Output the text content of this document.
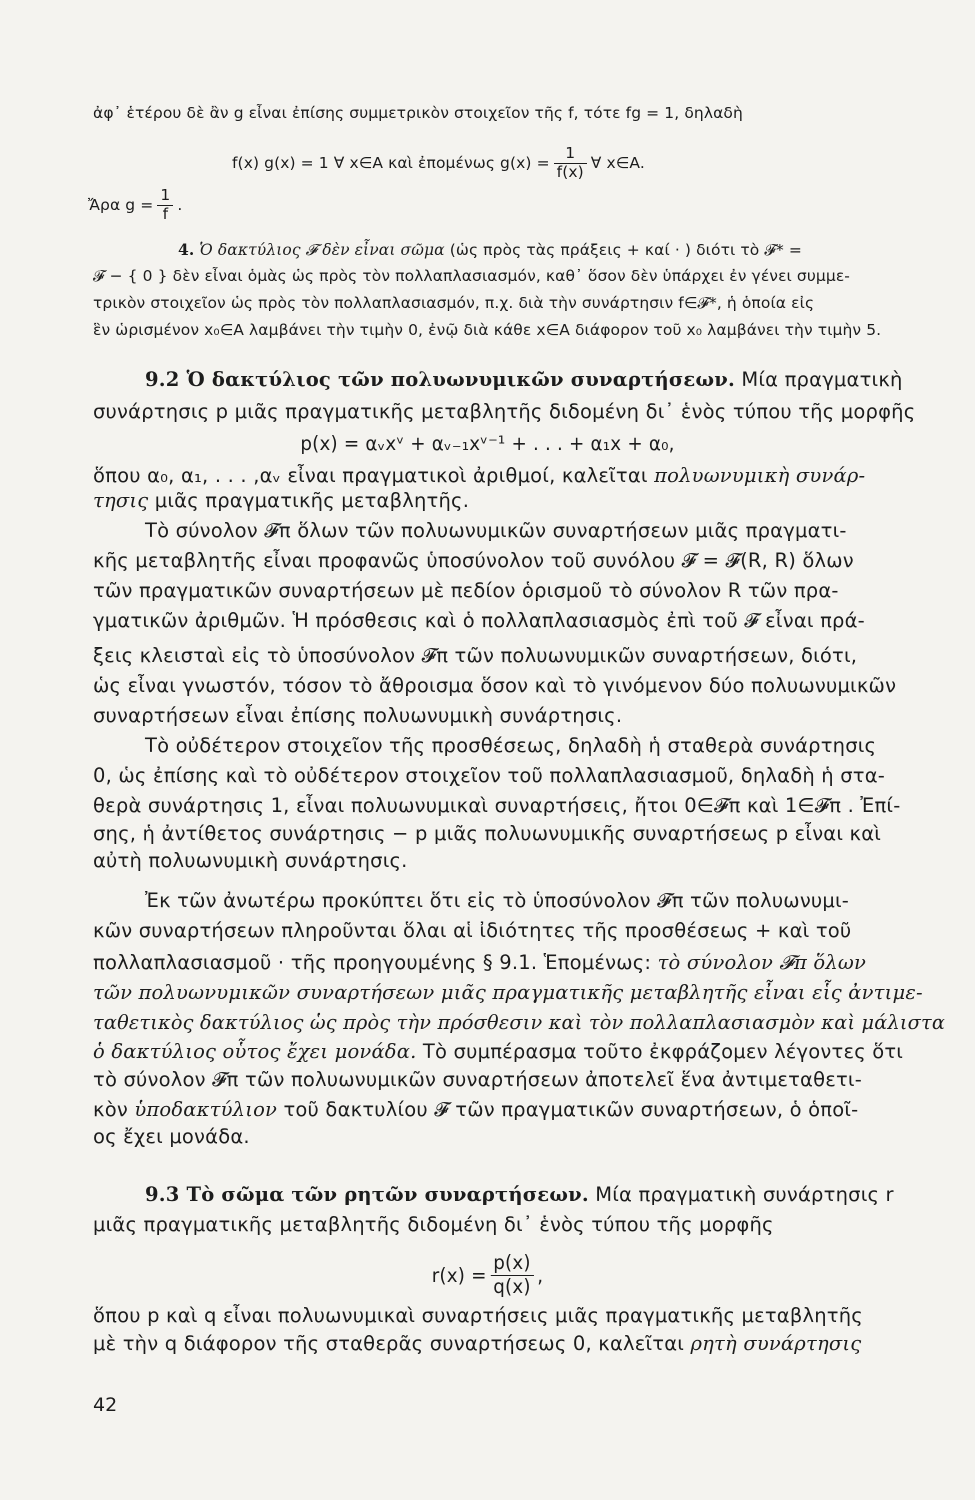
ἀφ᾽ ἑτέρου δὲ ἂν g εἶναι ἐπίσης συμμετρικὸν στοιχεῖον τῆς f, τότε fg = 1, δηλαδὴ
f(x) g(x) = 1 ∀ x∈A καὶ ἐπομένως $g(x) = \frac{1}{f(x)}$ ∀ x∈A.
Ἄρα $g = \frac{1}{f}$ .
4. Ὁ δακτύλιος 𝓕 δὲν εἶναι σῶμα (ὡς πρὸς τὰς πράξεις + καί · ) διότι τὸ 𝓕* =
𝓕 − { 0 } δὲν εἶναι ὁμὰς ὡς πρὸς τὸν πολλαπλασιασμόν, καθ᾽ ὅσον δὲν ὑπάρχει ἐν γένει συμμε-
τρικὸν στοιχεῖον ὡς πρὸς τὸν πολλαπλασιασμόν, π.χ. διὰ τὴν συνάρτησιν f∈𝓕*, ἡ ὁποία εἰς
ἓν ὡρισμένον x₀∈A λαμβάνει τὴν τιμὴν 0, ἐνῷ διὰ κάθε x∈A διάφορον τοῦ x₀ λαμβάνει τὴν τιμὴν 5.
9.2 Ὁ δακτύλιος τῶν πολυωνυμικῶν συναρτήσεων. Μία πραγματικὴ
συνάρτησις p μιᾶς πραγματικῆς μεταβλητῆς διδομένη δι᾽ ἑνὸς τύπου τῆς μορφῆς
p(x) = αᵥxᵛ + αᵥ₋₁xᵛ⁻¹ + . . . + α₁x + α₀,
ὅπου α₀, α₁, . . . ,αᵥ εἶναι πραγματικοὶ ἀριθμοί, καλεῖται πολυωνυμικὴ συνάρ-
τησις μιᾶς πραγματικῆς μεταβλητῆς.
Τὸ σύνολον 𝓕π ὅλων τῶν πολυωνυμικῶν συναρτήσεων μιᾶς πραγματι-
κῆς μεταβλητῆς εἶναι προφανῶς ὑποσύνολον τοῦ συνόλου 𝓕 = 𝓕(R, R) ὅλων
τῶν πραγματικῶν συναρτήσεων μὲ πεδίον ὁρισμοῦ τὸ σύνολον R τῶν πρα-
γματικῶν ἀριθμῶν. Ἡ πρόσθεσις καὶ ὁ πολλαπλασιασμὸς ἐπὶ τοῦ 𝓕 εἶναι πρά-
ξεις κλεισταὶ εἰς τὸ ὑποσύνολον 𝓕π τῶν πολυωνυμικῶν συναρτήσεων, διότι,
ὡς εἶναι γνωστόν, τόσον τὸ ἄθροισμα ὅσον καὶ τὸ γινόμενον δύο πολυωνυμικῶν
συναρτήσεων εἶναι ἐπίσης πολυωνυμικὴ συνάρτησις.
Τὸ οὐδέτερον στοιχεῖον τῆς προσθέσεως, δηλαδὴ ἡ σταθερὰ συνάρτησις
0, ὡς ἐπίσης καὶ τὸ οὐδέτερον στοιχεῖον τοῦ πολλαπλασιασμοῦ, δηλαδὴ ἡ στα-
θερὰ συνάρτησις 1, εἶναι πολυωνυμικαὶ συναρτήσεις, ἤτοι 0∈𝓕π καὶ 1∈𝓕π . Ἐπί-
σης, ἡ ἀντίθετος συνάρτησις − p μιᾶς πολυωνυμικῆς συναρτήσεως p εἶναι καὶ
αὐτὴ πολυωνυμικὴ συνάρτησις.
Ἐκ τῶν ἀνωτέρω προκύπτει ὅτι εἰς τὸ ὑποσύνολον 𝓕π τῶν πολυωνυμι-
κῶν συναρτήσεων πληροῦνται ὅλαι αἱ ἰδιότητες τῆς προσθέσεως + καὶ τοῦ
πολλαπλασιασμοῦ · τῆς προηγουμένης § 9.1. Ἑπομένως: τὸ σύνολον 𝓕π ὅλων
τῶν πολυωνυμικῶν συναρτήσεων μιᾶς πραγματικῆς μεταβλητῆς εἶναι εἷς ἀντιμε-
ταθετικὸς δακτύλιος ὡς πρὸς τὴν πρόσθεσιν καὶ τὸν πολλαπλασιασμὸν καὶ μάλιστα
ὁ δακτύλιος οὗτος ἔχει μονάδα. Τὸ συμπέρασμα τοῦτο ἐκφράζομεν λέγοντες ὅτι
τὸ σύνολον 𝓕π τῶν πολυωνυμικῶν συναρτήσεων ἀποτελεῖ ἕνα ἀντιμεταθετι-
κὸν ὑποδακτύλιον τοῦ δακτυλίου 𝓕 τῶν πραγματικῶν συναρτήσεων, ὁ ὁποῖ-
ος ἔχει μονάδα.
9.3 Τὸ σῶμα τῶν ρητῶν συναρτήσεων. Μία πραγματικὴ συνάρτησις r
μιᾶς πραγματικῆς μεταβλητῆς διδομένη δι᾽ ἑνὸς τύπου τῆς μορφῆς
$r(x) = \frac{p(x)}{q(x)}$ ,
ὅπου p καὶ q εἶναι πολυωνυμικαὶ συναρτήσεις μιᾶς πραγματικῆς μεταβλητῆς
μὲ τὴν q διάφορον τῆς σταθερᾶς συναρτήσεως 0, καλεῖται ρητὴ συνάρτησις
42
